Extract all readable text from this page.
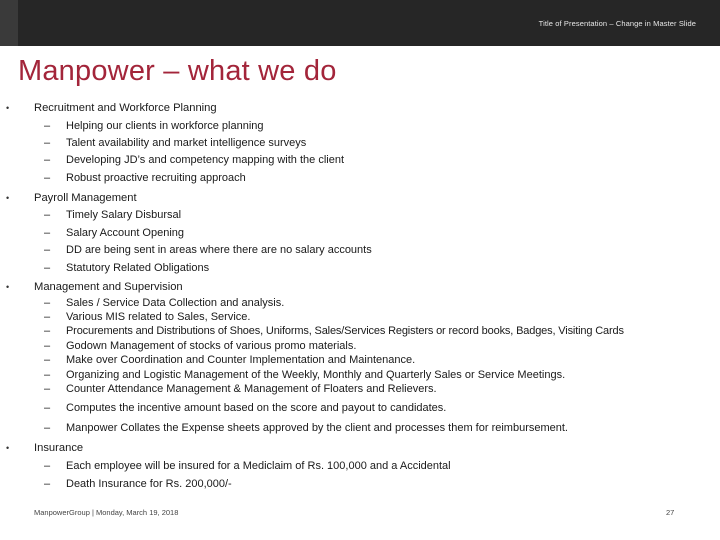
Title of Presentation – Change in Master Slide
Manpower – what we do
• Recruitment and Workforce Planning
– Helping our clients in workforce planning
– Talent availability and market intelligence surveys
– Developing JD’s and competency mapping with the client
– Robust proactive recruiting approach
• Payroll Management
– Timely Salary Disbursal
– Salary Account Opening
– DD are being sent in areas where there are no salary accounts
– Statutory Related Obligations
• Management and Supervision
– Sales / Service Data Collection and analysis.
– Various MIS related to Sales, Service.
– Procurements and Distributions of Shoes, Uniforms, Sales/Services Registers or record books, Badges, Visiting Cards
– Godown Management of stocks of various promo materials.
– Make over Coordination and Counter Implementation and Maintenance.
– Organizing and Logistic Management of the Weekly, Monthly and Quarterly Sales or Service Meetings.
– Counter Attendance Management & Management of Floaters and Relievers.
– Computes the incentive amount based on the score and payout to candidates.
– Manpower Collates the Expense sheets approved by the client and processes them for reimbursement.
• Insurance
– Each employee will be insured for a Mediclaim of Rs. 100,000 and a Accidental
– Death Insurance for Rs. 200,000/-
ManpowerGroup | Monday, March 19, 2018	27
